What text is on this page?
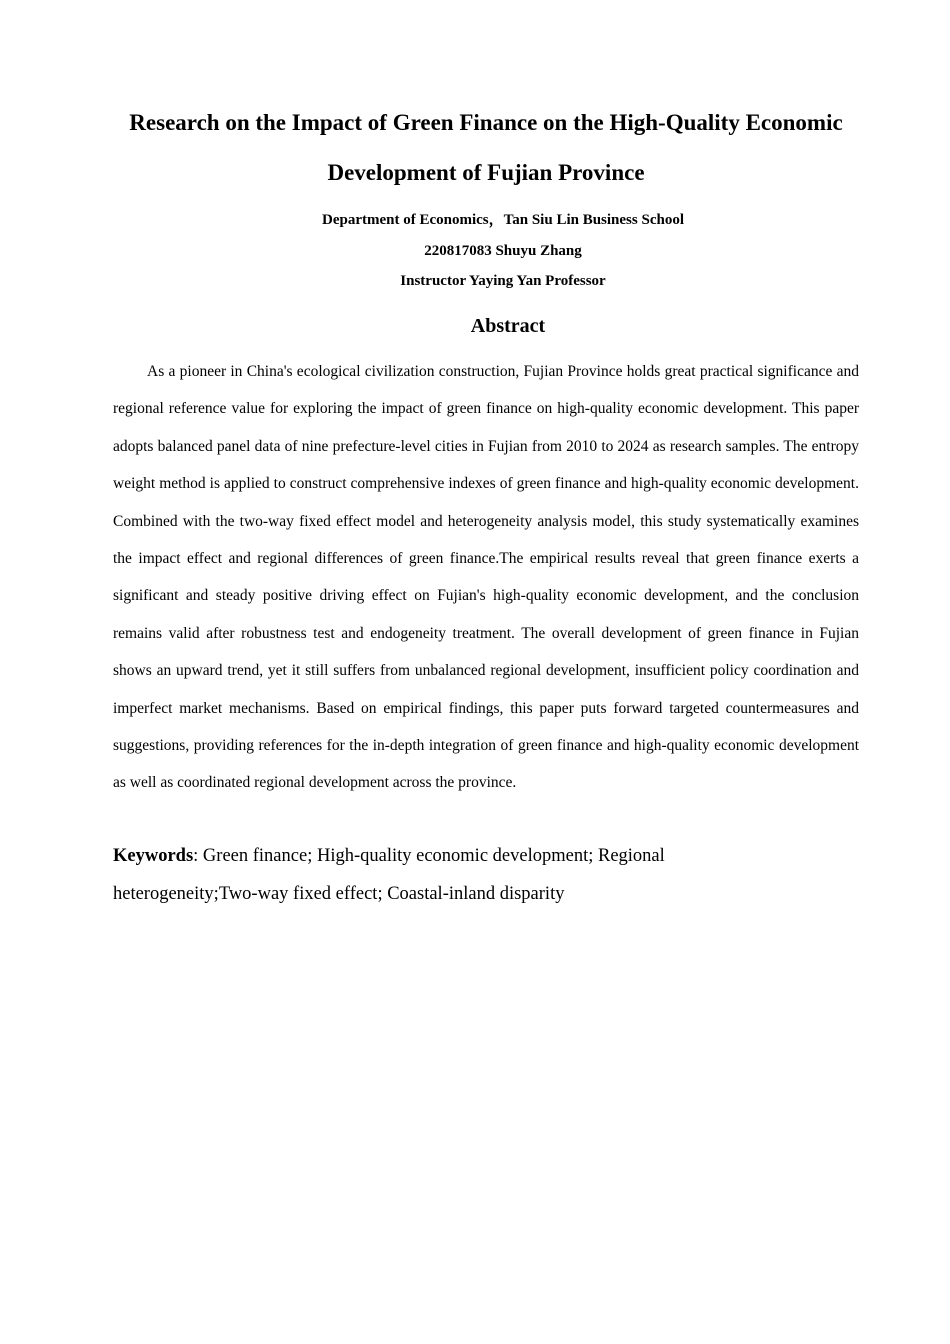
Research on the Impact of Green Finance on the High-Quality Economic
Development of Fujian Province

Department of Economics，Tan Siu Lin Business School

220817083 Shuyu Zhang

Instructor Yaying Yan Professor

Abstract

As a pioneer in China's ecological civilization construction, Fujian Province holds great practical significance and regional reference value for exploring the impact of green finance on high-quality economic development. This paper adopts balanced panel data of nine prefecture-level cities in Fujian from 2010 to 2024 as research samples. The entropy weight method is applied to construct comprehensive indexes of green finance and high-quality economic development. Combined with the two-way fixed effect model and heterogeneity analysis model, this study systematically examines the impact effect and regional differences of green finance.The empirical results reveal that green finance exerts a significant and steady positive driving effect on Fujian's high-quality economic development, and the conclusion remains valid after robustness test and endogeneity treatment. The overall development of green finance in Fujian shows an upward trend, yet it still suffers from unbalanced regional development, insufficient policy coordination and imperfect market mechanisms. Based on empirical findings, this paper puts forward targeted countermeasures and suggestions, providing references for the in-depth integration of green finance and high-quality economic development as well as coordinated regional development across the province.

Keywords: Green finance; High-quality economic development; Regional heterogeneity;Two-way fixed effect; Coastal-inland disparity
